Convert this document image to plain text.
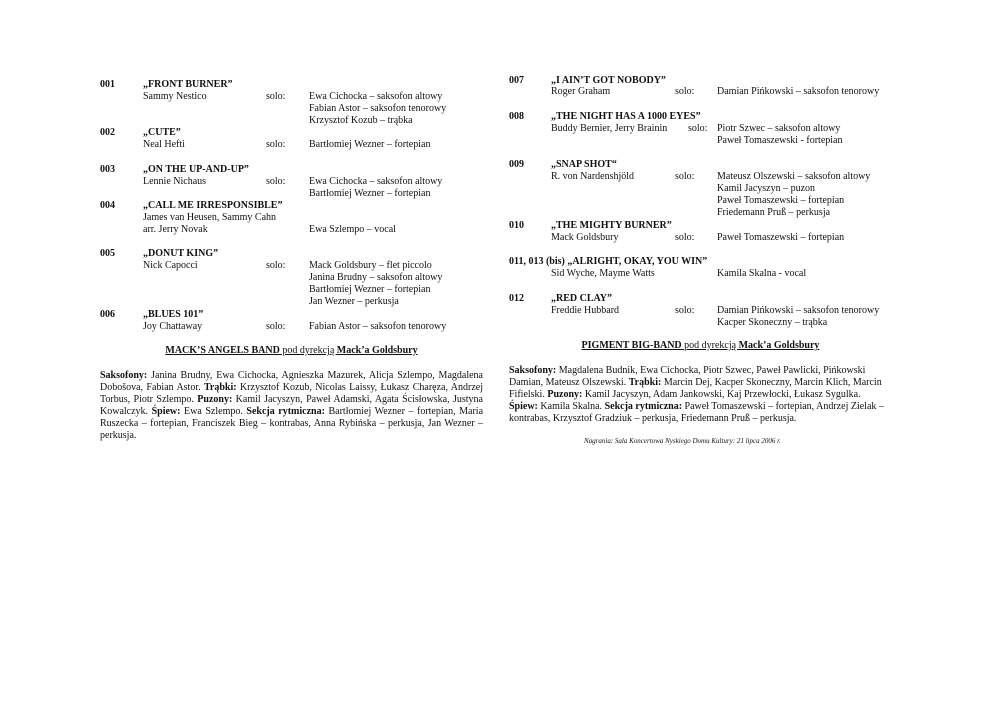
001	„FRONT BURNER”
Sammy Nestico	solo: Ewa Cichocka – saksofon altowy
Fabian Astor – saksofon tenorowy
Krzysztof Kozub – trąbka
002	„CUTE”
Neal Hefti	solo: Bartłomiej Wezner – fortepian
003	„ON THE UP-AND-UP”
Lennie Nichaus	solo: Ewa Cichocka – saksofon altowy
Bartłomiej Wezner – fortepian
004	„CALL ME IRRESPONSIBLE”
James van Heusen, Sammy Cahn
arr. Jerry Novak	Ewa Szlempo – vocal
005	„DONUT KING”
Nick Capocci	solo: Mack Goldsbury – flet piccolo
Janina Brudny – saksofon altowy
Bartłomiej Wezner – fortepian
Jan Wezner – perkusja
006	„BLUES 101”
Joy Chattaway	solo: Fabian Astor – saksofon tenorowy
MACK’S ANGELS BAND pod dyrekcją Mack’a Goldsbury
Saksofony: Janina Brudny, Ewa Cichocka, Agnieszka Mazurek, Alicja Szlempo, Magdalena Dobošova, Fabian Astor. Trąbki: Krzysztof Kozub, Nicolas Laissy, Łukasz Charęza, Andrzej Torbus, Piotr Szlempo. Puzony: Kamil Jacyszyn, Paweł Adamski, Agata Ścisłowska, Justyna Kowalczyk. Śpiew: Ewa Szlempo. Sekcja rytmiczna: Bartłomiej Wezner – fortepian, Maria Ruszecka – fortepian, Franciszek Bieg – kontrabas, Anna Rybińska – perkusja, Jan Wezner – perkusja.
007	„I AIN’T GOT NOBODY”
Roger Graham	solo: Damian Pińkowski – saksofon tenorowy
008	„THE NIGHT HAS A 1000 EYES”
Buddy Bernier, Jerry Brainin solo: Piotr Szwec – saksofon altowy
Paweł Tomaszewski - fortepian
009	„SNAP SHOT“
R. von Nardenshjöld	solo: Mateusz Olszewski – saksofon altowy
Kamil Jacyszyn – puzon
Paweł Tomaszewski – fortepian
Friedemann Pruß – perkusja
010	„THE MIGHTY BURNER”
Mack Goldsbury	solo: Paweł Tomaszewski – fortepian
011, 013 (bis) „ALRIGHT, OKAY, YOU WIN”
Sid Wyche, Mayme Watts	Kamila Skalna - vocal
012	„RED CLAY”
Freddie Hubbard	solo: Damian Pińkowski – saksofon tenorowy
Kacper Skoneczny – trąbka
PIGMENT BIG-BAND pod dyrekcją Mack’a Goldsbury
Saksofony: Magdalena Budnik, Ewa Cichocka, Piotr Szwec, Paweł Pawlicki, Pińkowski Damian, Mateusz Olszewski. Trąbki: Marcin Dej, Kacper Skoneczny, Marcin Klich, Marcin Fifielski. Puzony: Kamil Jacyszyn, Adam Jankowski, Kaj Przewłocki, Łukasz Sygulka. Śpiew: Kamila Skalna. Sekcja rytmiczna: Paweł Tomaszewski – fortepian, Andrzej Zielak – kontrabas, Krzysztof Gradziuk – perkusja, Friedemann Pruß – perkusja.
Nagrania: Sala Koncertowa Nyskiego Domu Kultury: 21 lipca 2006 r.
